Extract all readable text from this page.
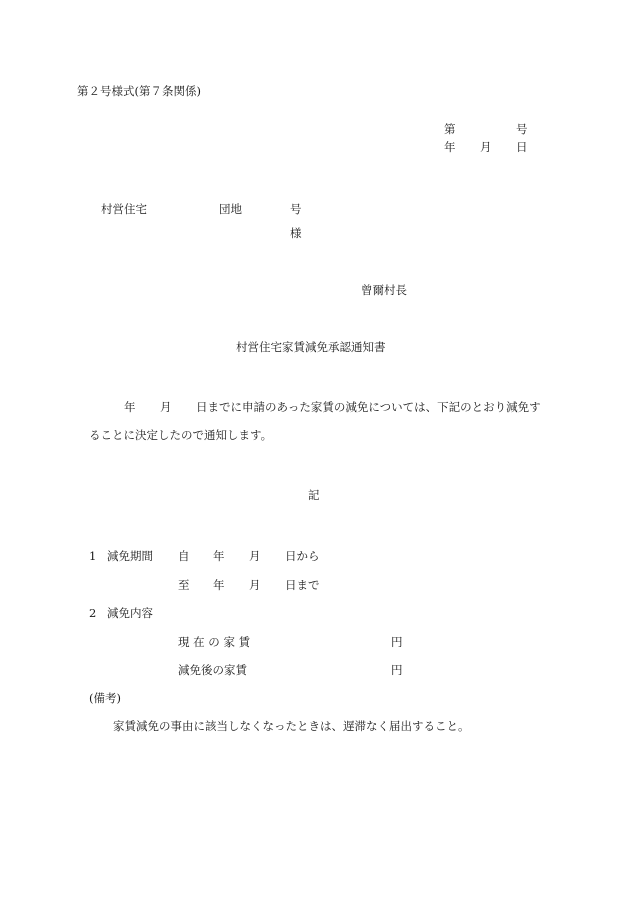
第２号様式(第７条関係)
第	号
年 月 日
村営住宅	団地	号
様
曾爾村長
村営住宅家賃減免承認通知書
年 月 日までに申請のあった家賃の減免については、下記のとおり減免す
ることに決定したので通知します。
記
1 減免期間 自 年 月 日から
至 年 月 日まで
2 減免内容
現 在 の 家 賃	円
減免後の家賃	円
(備考)
家賃減免の事由に該当しなくなったときは、遅滞なく届出すること。
